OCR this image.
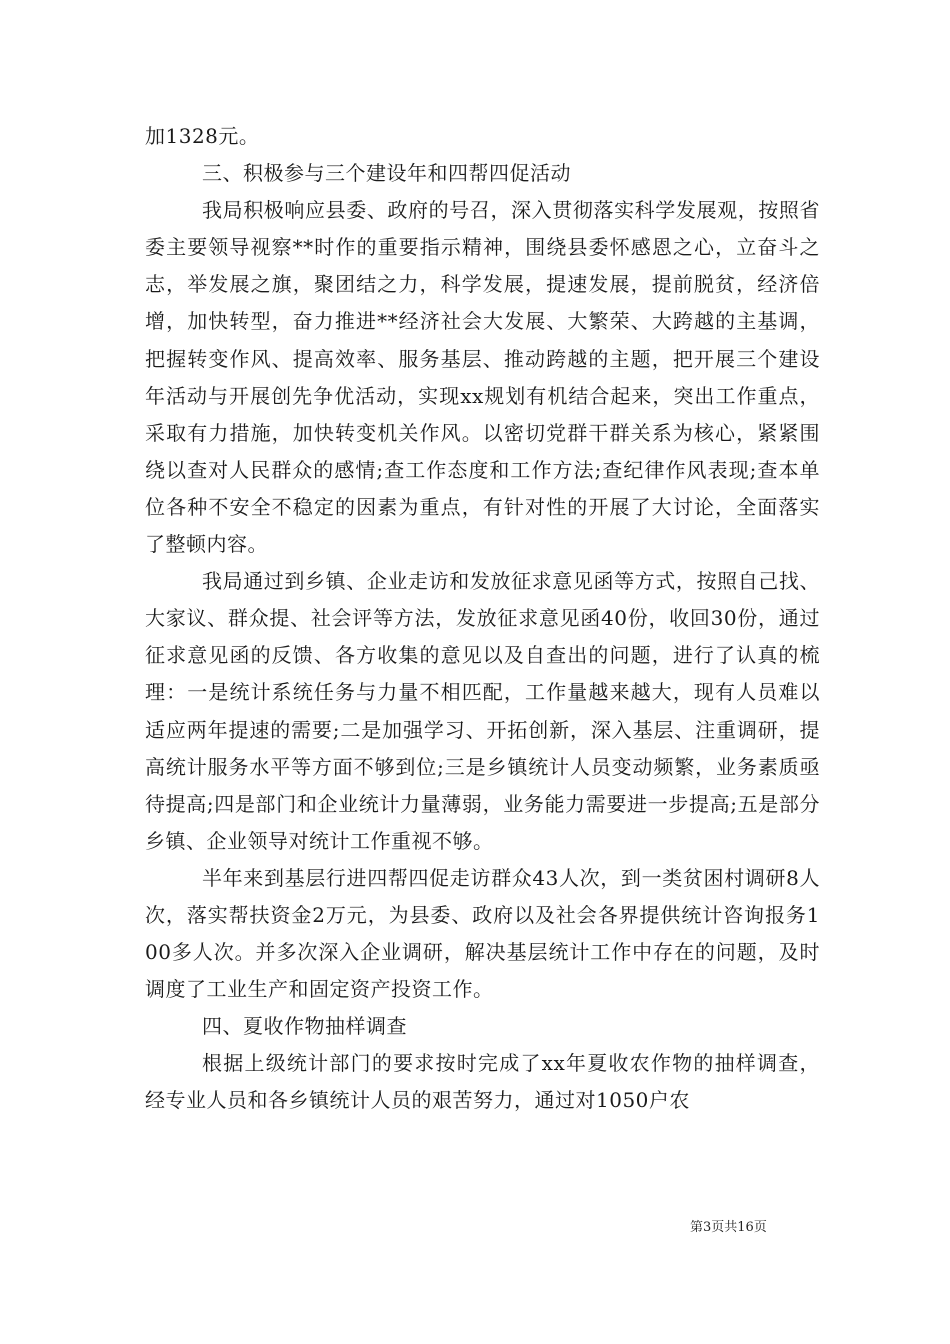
加1328元。

三、积极参与三个建设年和四帮四促活动

我局积极响应县委、政府的号召，深入贯彻落实科学发展观，按照省委主要领导视察**时作的重要指示精神，围绕县委怀感恩之心，立奋斗之志，举发展之旗，聚团结之力，科学发展，提速发展，提前脱贫，经济倍增，加快转型，奋力推进**经济社会大发展、大繁荣、大跨越的主基调，把握转变作风、提高效率、服务基层、推动跨越的主题，把开展三个建设年活动与开展创先争优活动，实现xx规划有机结合起来，突出工作重点，采取有力措施，加快转变机关作风。以密切党群干群关系为核心，紧紧围绕以查对人民群众的感情;查工作态度和工作方法;查纪律作风表现;查本单位各种不安全不稳定的因素为重点，有针对性的开展了大讨论，全面落实了整顿内容。

我局通过到乡镇、企业走访和发放征求意见函等方式，按照自己找、大家议、群众提、社会评等方法，发放征求意见函40份，收回30份，通过征求意见函的反馈、各方收集的意见以及自查出的问题，进行了认真的梳理：一是统计系统任务与力量不相匹配，工作量越来越大，现有人员难以适应两年提速的需要;二是加强学习、开拓创新，深入基层、注重调研，提高统计服务水平等方面不够到位;三是乡镇统计人员变动频繁，业务素质亟待提高;四是部门和企业统计力量薄弱，业务能力需要进一步提高;五是部分乡镇、企业领导对统计工作重视不够。

半年来到基层行进四帮四促走访群众43人次，到一类贫困村调研8人次，落实帮扶资金2万元，为县委、政府以及社会各界提供统计咨询报务100多人次。并多次深入企业调研，解决基层统计工作中存在的问题，及时调度了工业生产和固定资产投资工作。

四、夏收作物抽样调查

根据上级统计部门的要求按时完成了xx年夏收农作物的抽样调查，经专业人员和各乡镇统计人员的艰苦努力，通过对1050户农

第3页共16页
